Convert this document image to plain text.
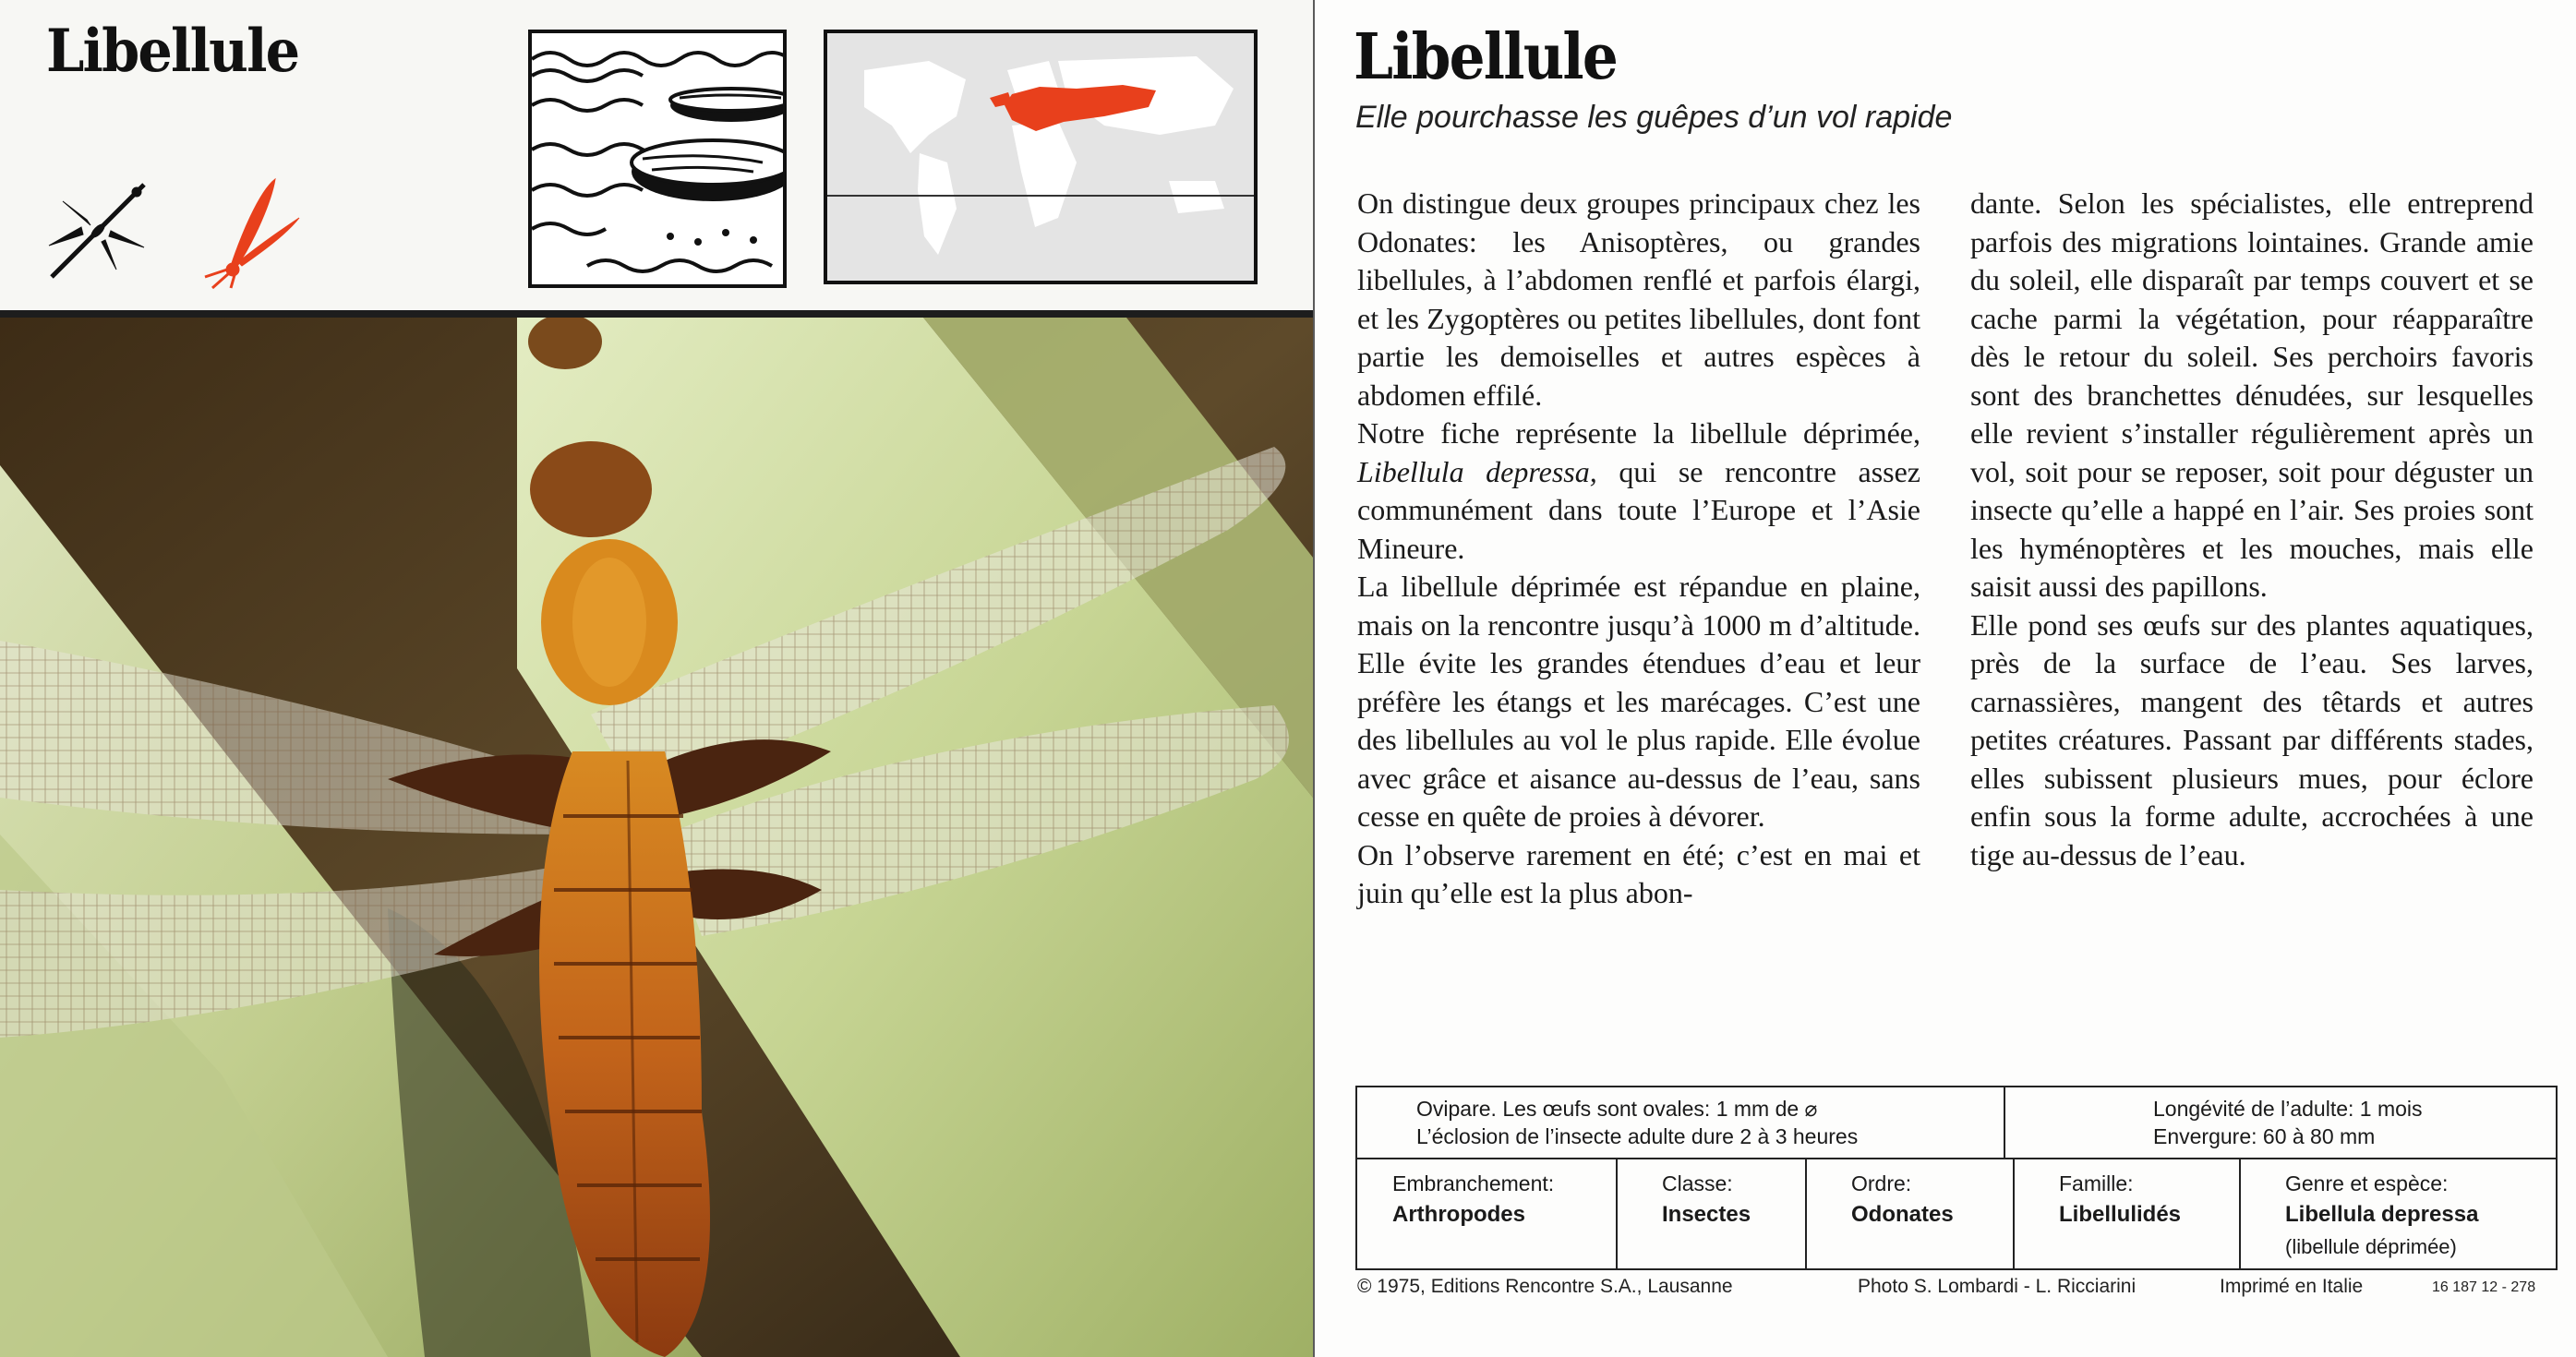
Libellule	Libellule
Elle pourchasse les guêpes d’un vol rapide

On distingue deux groupes principaux chez les Odonates: les Anisoptères, ou grandes libellules, à l’abdomen renflé et parfois élargi, et les Zygoptères ou petites libellules, dont font partie les demoiselles et autres espèces à abdomen effilé.

Notre fiche représente la libellule déprimée, Libellula depressa, qui se rencontre assez communément dans toute l’Europe et l’Asie Mineure.

La libellule déprimée est répandue en plaine, mais on la rencontre jusqu’à 1000 m d’altitude. Elle évite les grandes étendues d’eau et leur préfère les étangs et les marécages. C’est une des libellules au vol le plus rapide. Elle évolue avec grâce et aisance au-dessus de l’eau, sans cesse en quête de proies à dévorer.

On l’observe rarement en été; c’est en mai et juin qu’elle est la plus abon-

dante. Selon les spécialistes, elle entreprend parfois des migrations lointaines. Grande amie du soleil, elle disparaît par temps couvert et se cache parmi la végétation, pour réapparaître dès le retour du soleil. Ses perchoirs favoris sont des branchettes dénudées, sur lesquelles elle revient s’installer régulièrement après un vol, soit pour se reposer, soit pour déguster un insecte qu’elle a happé en l’air. Ses proies sont les hyménoptères et les mouches, mais elle saisit aussi des papillons.

Elle pond ses œufs sur des plantes aquatiques, près de la surface de l’eau. Ses larves, carnassières, mangent des têtards et autres petites créatures. Passant par différents stades, elles subissent plusieurs mues, pour éclore enfin sous la forme adulte, accrochées à une tige au-dessus de l’eau.

Ovipare. Les œufs sont ovales: 1 mm de ⌀
L’éclosion de l’insecte adulte dure 2 à 3 heures
Longévité de l’adulte: 1 mois
Envergure: 60 à 80 mm
Embranchement:
Arthropodes
Classe:
Insectes
Ordre:
Odonates
Famille:
Libellulidés
Genre et espèce:
Libellula depressa
(libellule déprimée)
© 1975, Editions Rencontre S.A., Lausanne	Photo S. Lombardi - L. Ricciarini	Imprimé en Italie	16 187 12 - 278
